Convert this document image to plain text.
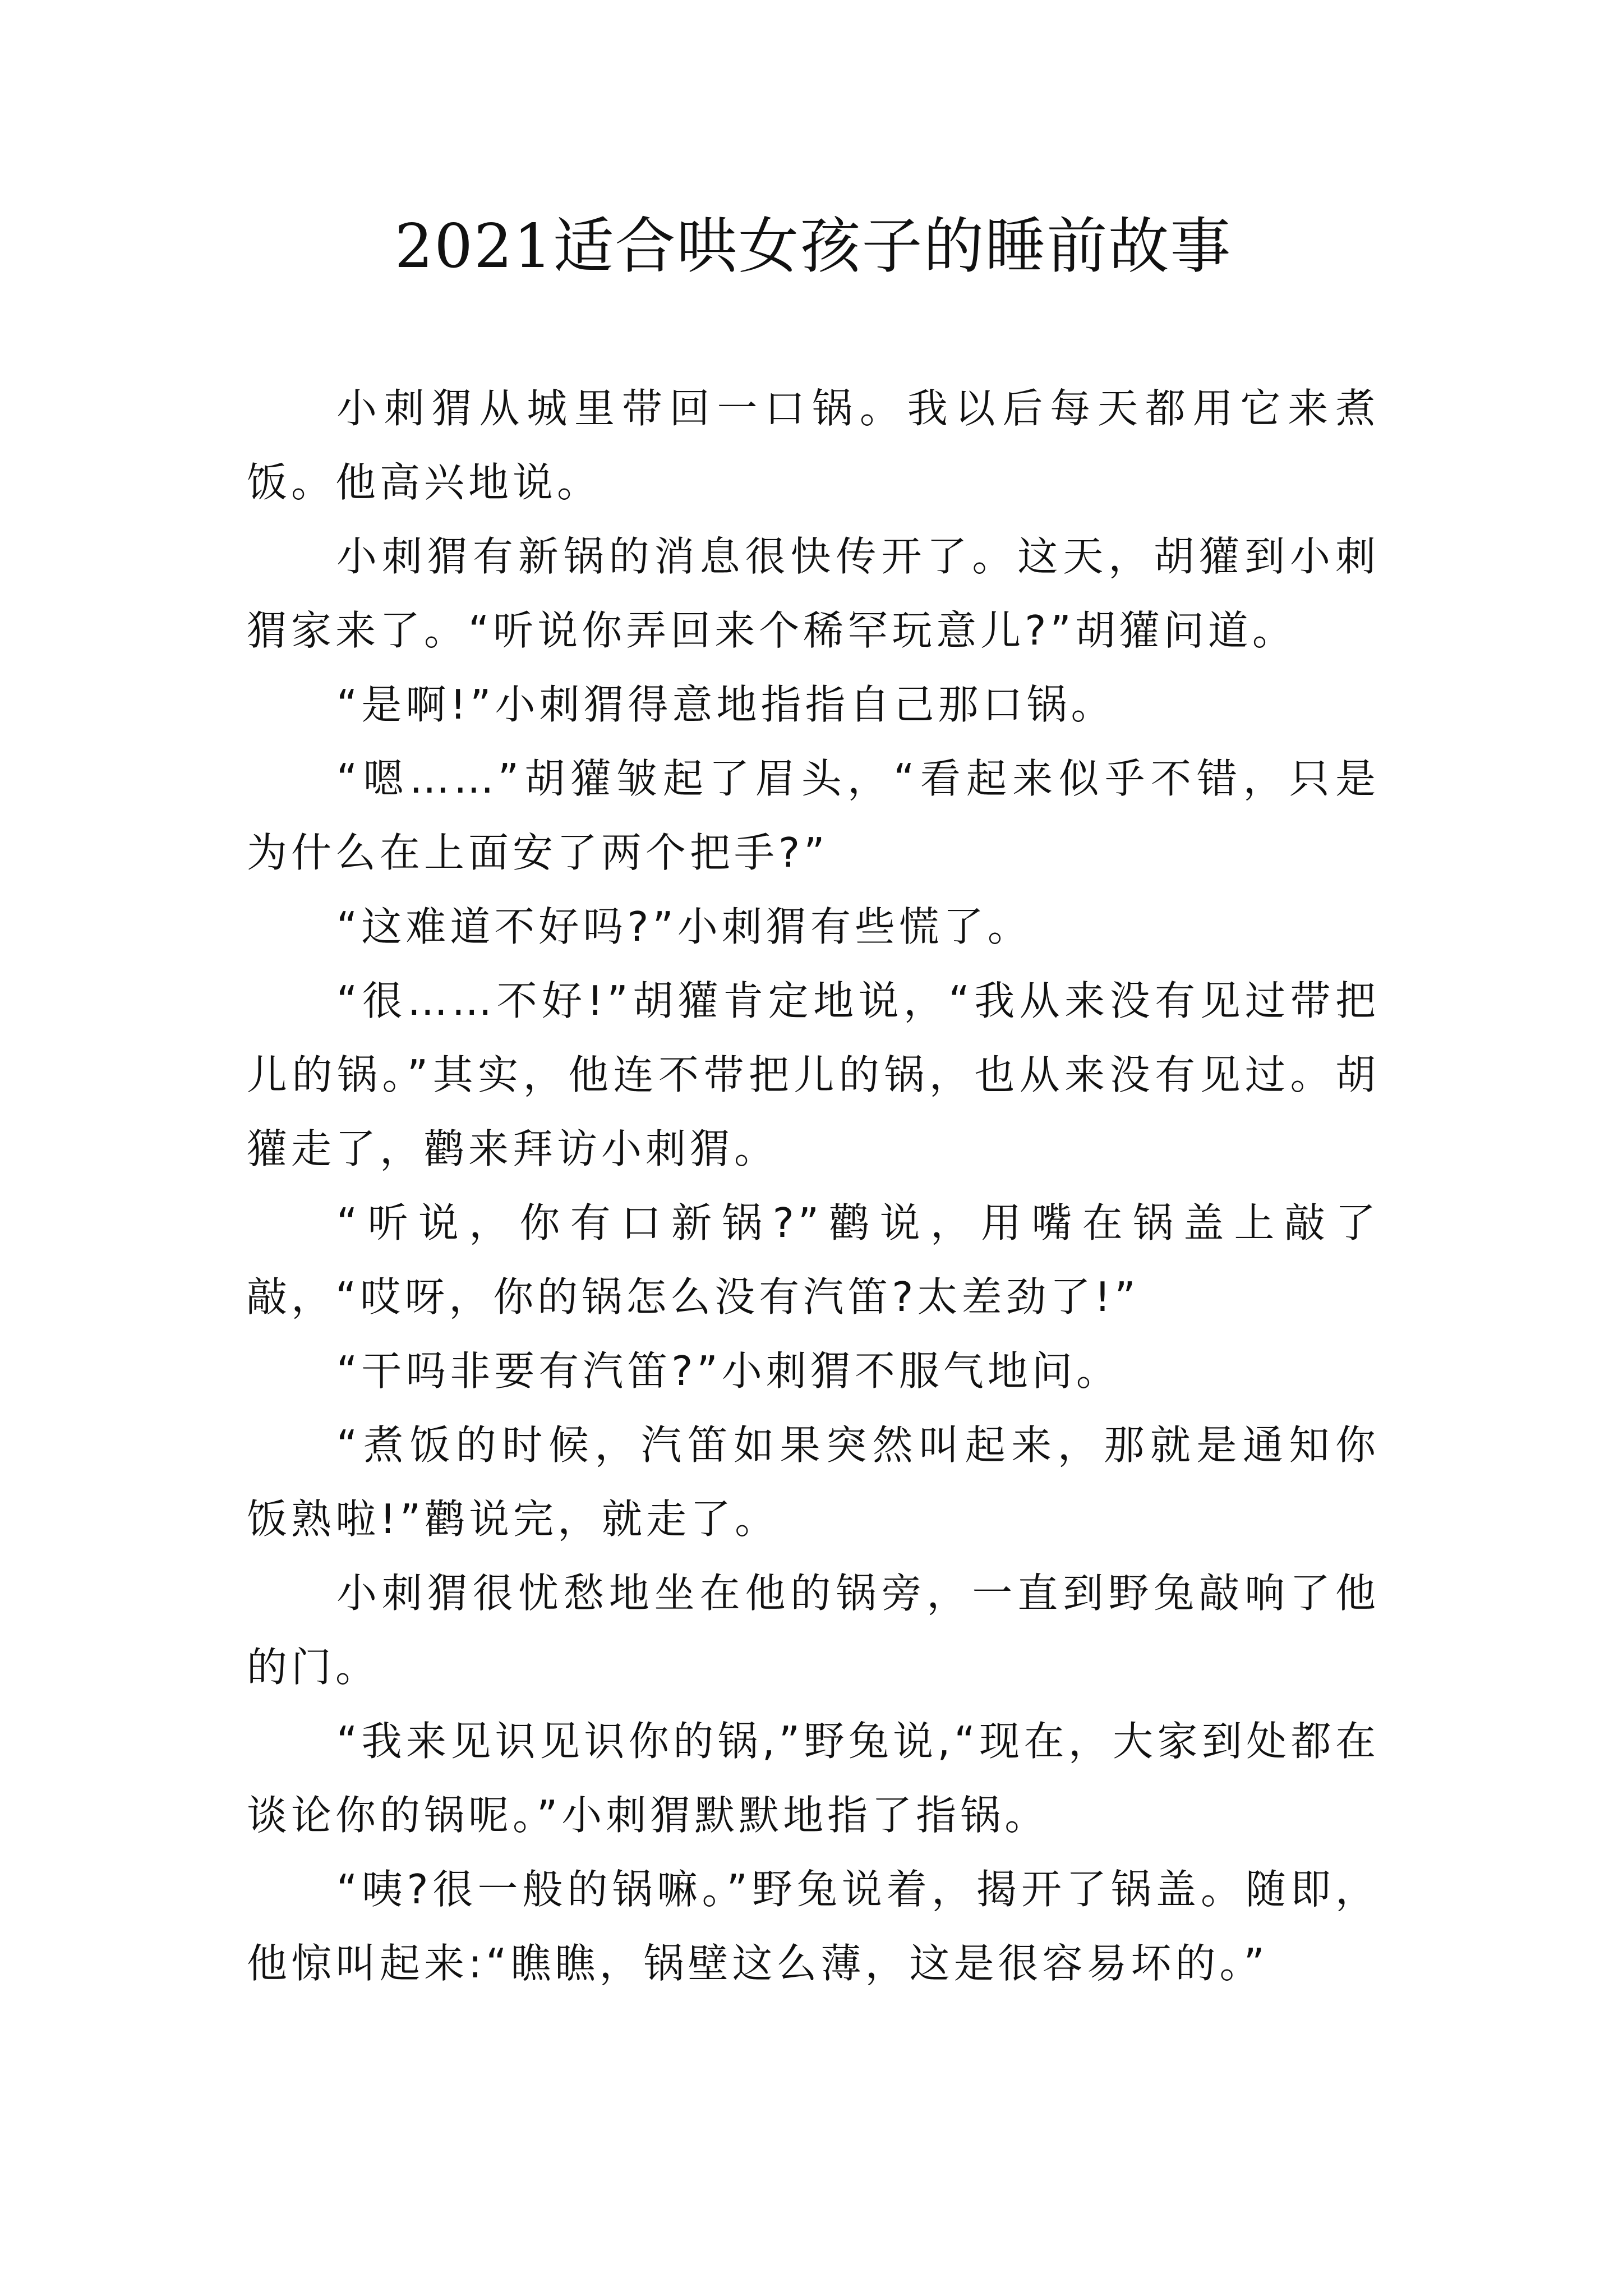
2021适合哄女孩子的睡前故事

小刺猬从城里带回一口锅。我以后每天都用它来煮饭。他高兴地说。

小刺猬有新锅的消息很快传开了。这天，胡獾到小刺猬家来了。“听说你弄回来个稀罕玩意儿?”胡獾问道。

“是啊!”小刺猬得意地指指自己那口锅。

“嗯……”胡獾皱起了眉头，“看起来似乎不错，只是为什么在上面安了两个把手?”

“这难道不好吗?”小刺猬有些慌了。

“很……不好!”胡獾肯定地说，“我从来没有见过带把儿的锅。”其实，他连不带把儿的锅，也从来没有见过。胡獾走了，鹳来拜访小刺猬。

“听说，你有口新锅?”鹳说，用嘴在锅盖上敲了敲，“哎呀，你的锅怎么没有汽笛?太差劲了!”

“干吗非要有汽笛?”小刺猬不服气地问。

“煮饭的时候，汽笛如果突然叫起来，那就是通知你饭熟啦!”鹳说完，就走了。

小刺猬很忧愁地坐在他的锅旁，一直到野兔敲响了他的门。

“我来见识见识你的锅,”野兔说,“现在，大家到处都在谈论你的锅呢。”小刺猬默默地指了指锅。

“咦?很一般的锅嘛。”野兔说着，揭开了锅盖。随即，他惊叫起来:“瞧瞧，锅壁这么薄，这是很容易坏的。”
